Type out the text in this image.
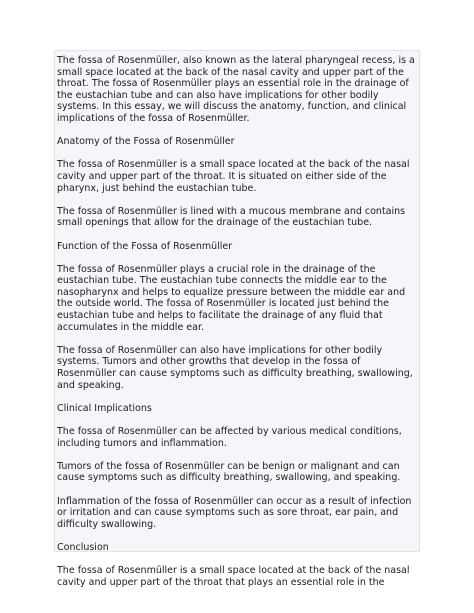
The fossa of Rosenmüller, also known as the lateral pharyngeal recess, is a small space located at the back of the nasal cavity and upper part of the throat. The fossa of Rosenmüller plays an essential role in the drainage of the eustachian tube and can also have implications for other bodily systems. In this essay, we will discuss the anatomy, function, and clinical implications of the fossa of Rosenmüller.

Anatomy of the Fossa of Rosenmüller

The fossa of Rosenmüller is a small space located at the back of the nasal cavity and upper part of the throat. It is situated on either side of the pharynx, just behind the eustachian tube.

The fossa of Rosenmüller is lined with a mucous membrane and contains small openings that allow for the drainage of the eustachian tube.

Function of the Fossa of Rosenmüller

The fossa of Rosenmüller plays a crucial role in the drainage of the eustachian tube. The eustachian tube connects the middle ear to the nasopharynx and helps to equalize pressure between the middle ear and the outside world. The fossa of Rosenmüller is located just behind the eustachian tube and helps to facilitate the drainage of any fluid that accumulates in the middle ear.

The fossa of Rosenmüller can also have implications for other bodily systems. Tumors and other growths that develop in the fossa of Rosenmüller can cause symptoms such as difficulty breathing, swallowing, and speaking.

Clinical Implications

The fossa of Rosenmüller can be affected by various medical conditions, including tumors and inflammation.

Tumors of the fossa of Rosenmüller can be benign or malignant and can cause symptoms such as difficulty breathing, swallowing, and speaking.

Inflammation of the fossa of Rosenmüller can occur as a result of infection or irritation and can cause symptoms such as sore throat, ear pain, and difficulty swallowing.

Conclusion

The fossa of Rosenmüller is a small space located at the back of the nasal cavity and upper part of the throat that plays an essential role in the
